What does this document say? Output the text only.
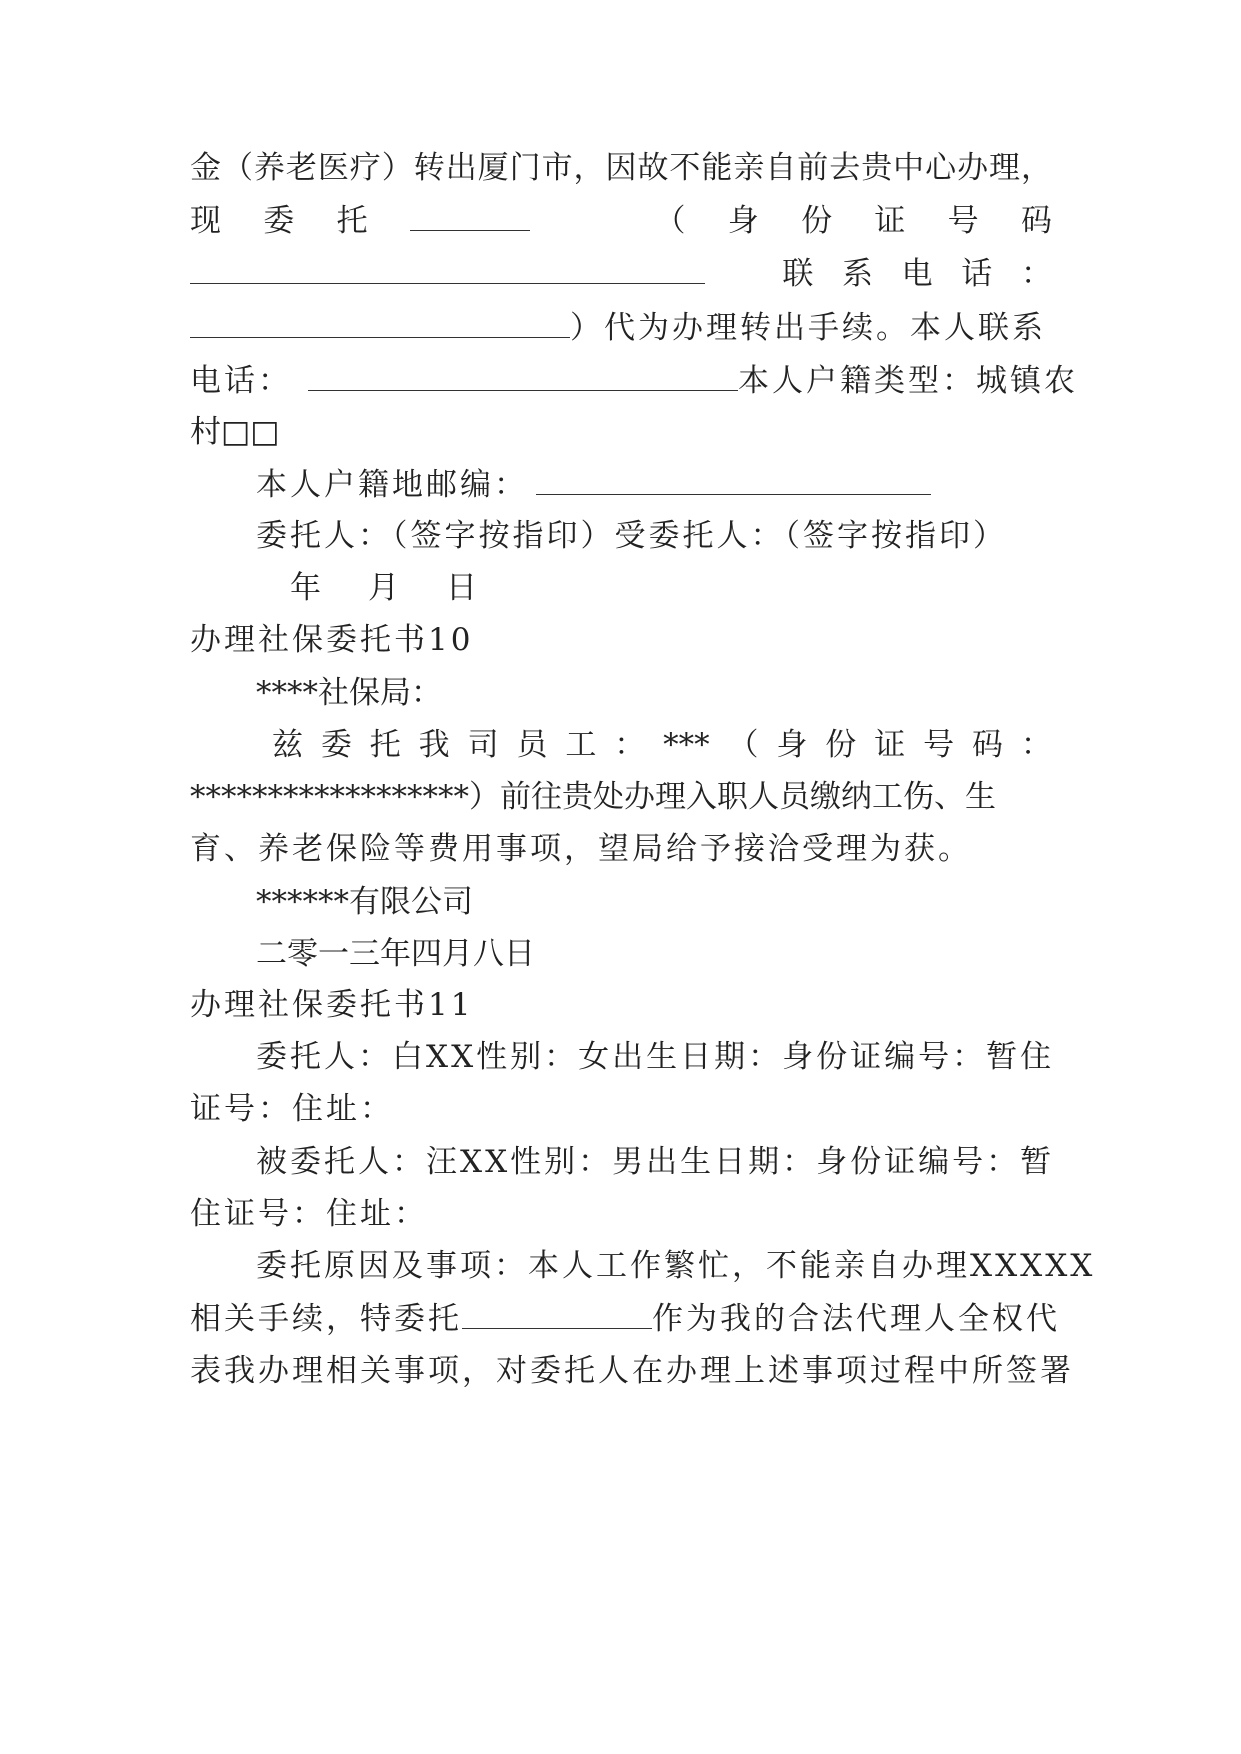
金（养老医疗）转出厦门市，因故不能亲自前去贵中心办理，
现 委 托	（ 身 份 证 号 码
联 系 电 话 ：
）代为办理转出手续。本人联系
电话：	本人户籍类型：城镇农
村□□
本人户籍地邮编：
委托人：（签字按指印）受委托人：（签字按指印）
年　月　日
办理社保委托书10
****社保局：
兹 委 托 我 司 员 工 ： *** （ 身 份 证 号 码 ：
******************）前往贵处办理入职人员缴纳工伤、生
育、养老保险等费用事项，望局给予接洽受理为获。
******有限公司
二零一三年四月八日
办理社保委托书11
委托人：白XX性别：女出生日期：身份证编号：暂住
证号：住址：
被委托人：汪XX性别：男出生日期：身份证编号：暂
住证号：住址：
委托原因及事项：本人工作繁忙，不能亲自办理XXXXX
相关手续，特委托	作为我的合法代理人全权代
表我办理相关事项，对委托人在办理上述事项过程中所签署
